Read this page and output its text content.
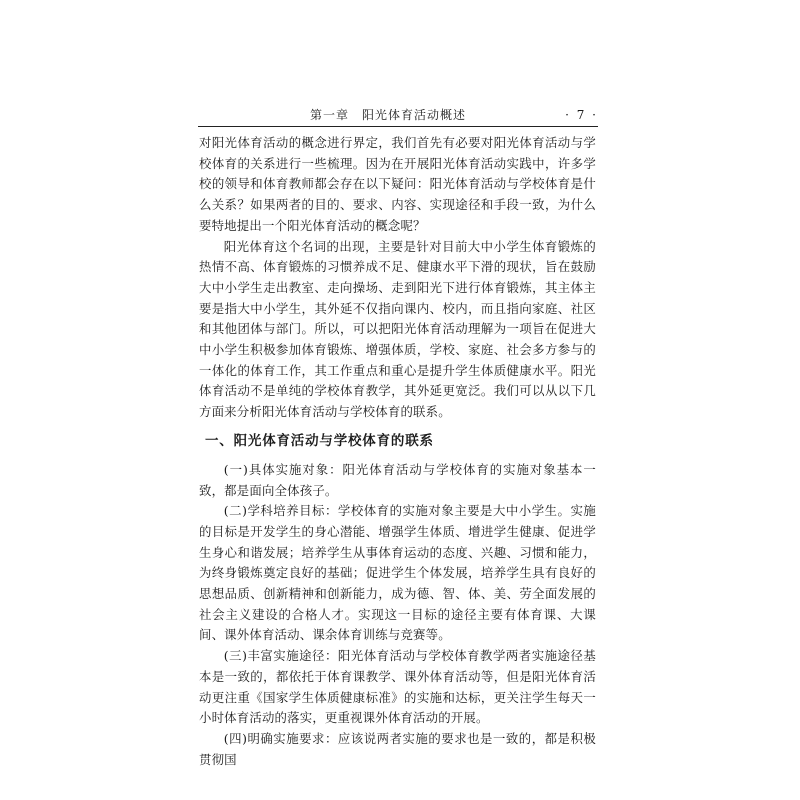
第一章　阳光体育活动概述	· 7 ·

对阳光体育活动的概念进行界定，我们首先有必要对阳光体育活动与学校体育的关系进行一些梳理。因为在开展阳光体育活动实践中，许多学校的领导和体育教师都会存在以下疑问：阳光体育活动与学校体育是什么关系？如果两者的目的、要求、内容、实现途径和手段一致，为什么要特地提出一个阳光体育活动的概念呢？

阳光体育这个名词的出现，主要是针对目前大中小学生体育锻炼的热情不高、体育锻炼的习惯养成不足、健康水平下滑的现状，旨在鼓励大中小学生走出教室、走向操场、走到阳光下进行体育锻炼，其主体主要是指大中小学生，其外延不仅指向课内、校内，而且指向家庭、社区和其他团体与部门。所以，可以把阳光体育活动理解为一项旨在促进大中小学生积极参加体育锻炼、增强体质，学校、家庭、社会多方参与的一体化的体育工作，其工作重点和重心是提升学生体质健康水平。阳光体育活动不是单纯的学校体育教学，其外延更宽泛。我们可以从以下几方面来分析阳光体育活动与学校体育的联系。

一、阳光体育活动与学校体育的联系

(一)具体实施对象：阳光体育活动与学校体育的实施对象基本一致，都是面向全体孩子。

(二)学科培养目标：学校体育的实施对象主要是大中小学生。实施的目标是开发学生的身心潜能、增强学生体质、增进学生健康、促进学生身心和谐发展；培养学生从事体育运动的态度、兴趣、习惯和能力，为终身锻炼奠定良好的基础；促进学生个体发展，培养学生具有良好的思想品质、创新精神和创新能力，成为德、智、体、美、劳全面发展的社会主义建设的合格人才。实现这一目标的途径主要有体育课、大课间、课外体育活动、课余体育训练与竞赛等。

(三)丰富实施途径：阳光体育活动与学校体育教学两者实施途径基本是一致的，都依托于体育课教学、课外体育活动等，但是阳光体育活动更注重《国家学生体质健康标准》的实施和达标，更关注学生每天一小时体育活动的落实，更重视课外体育活动的开展。

(四)明确实施要求：应该说两者实施的要求也是一致的，都是积极贯彻国
